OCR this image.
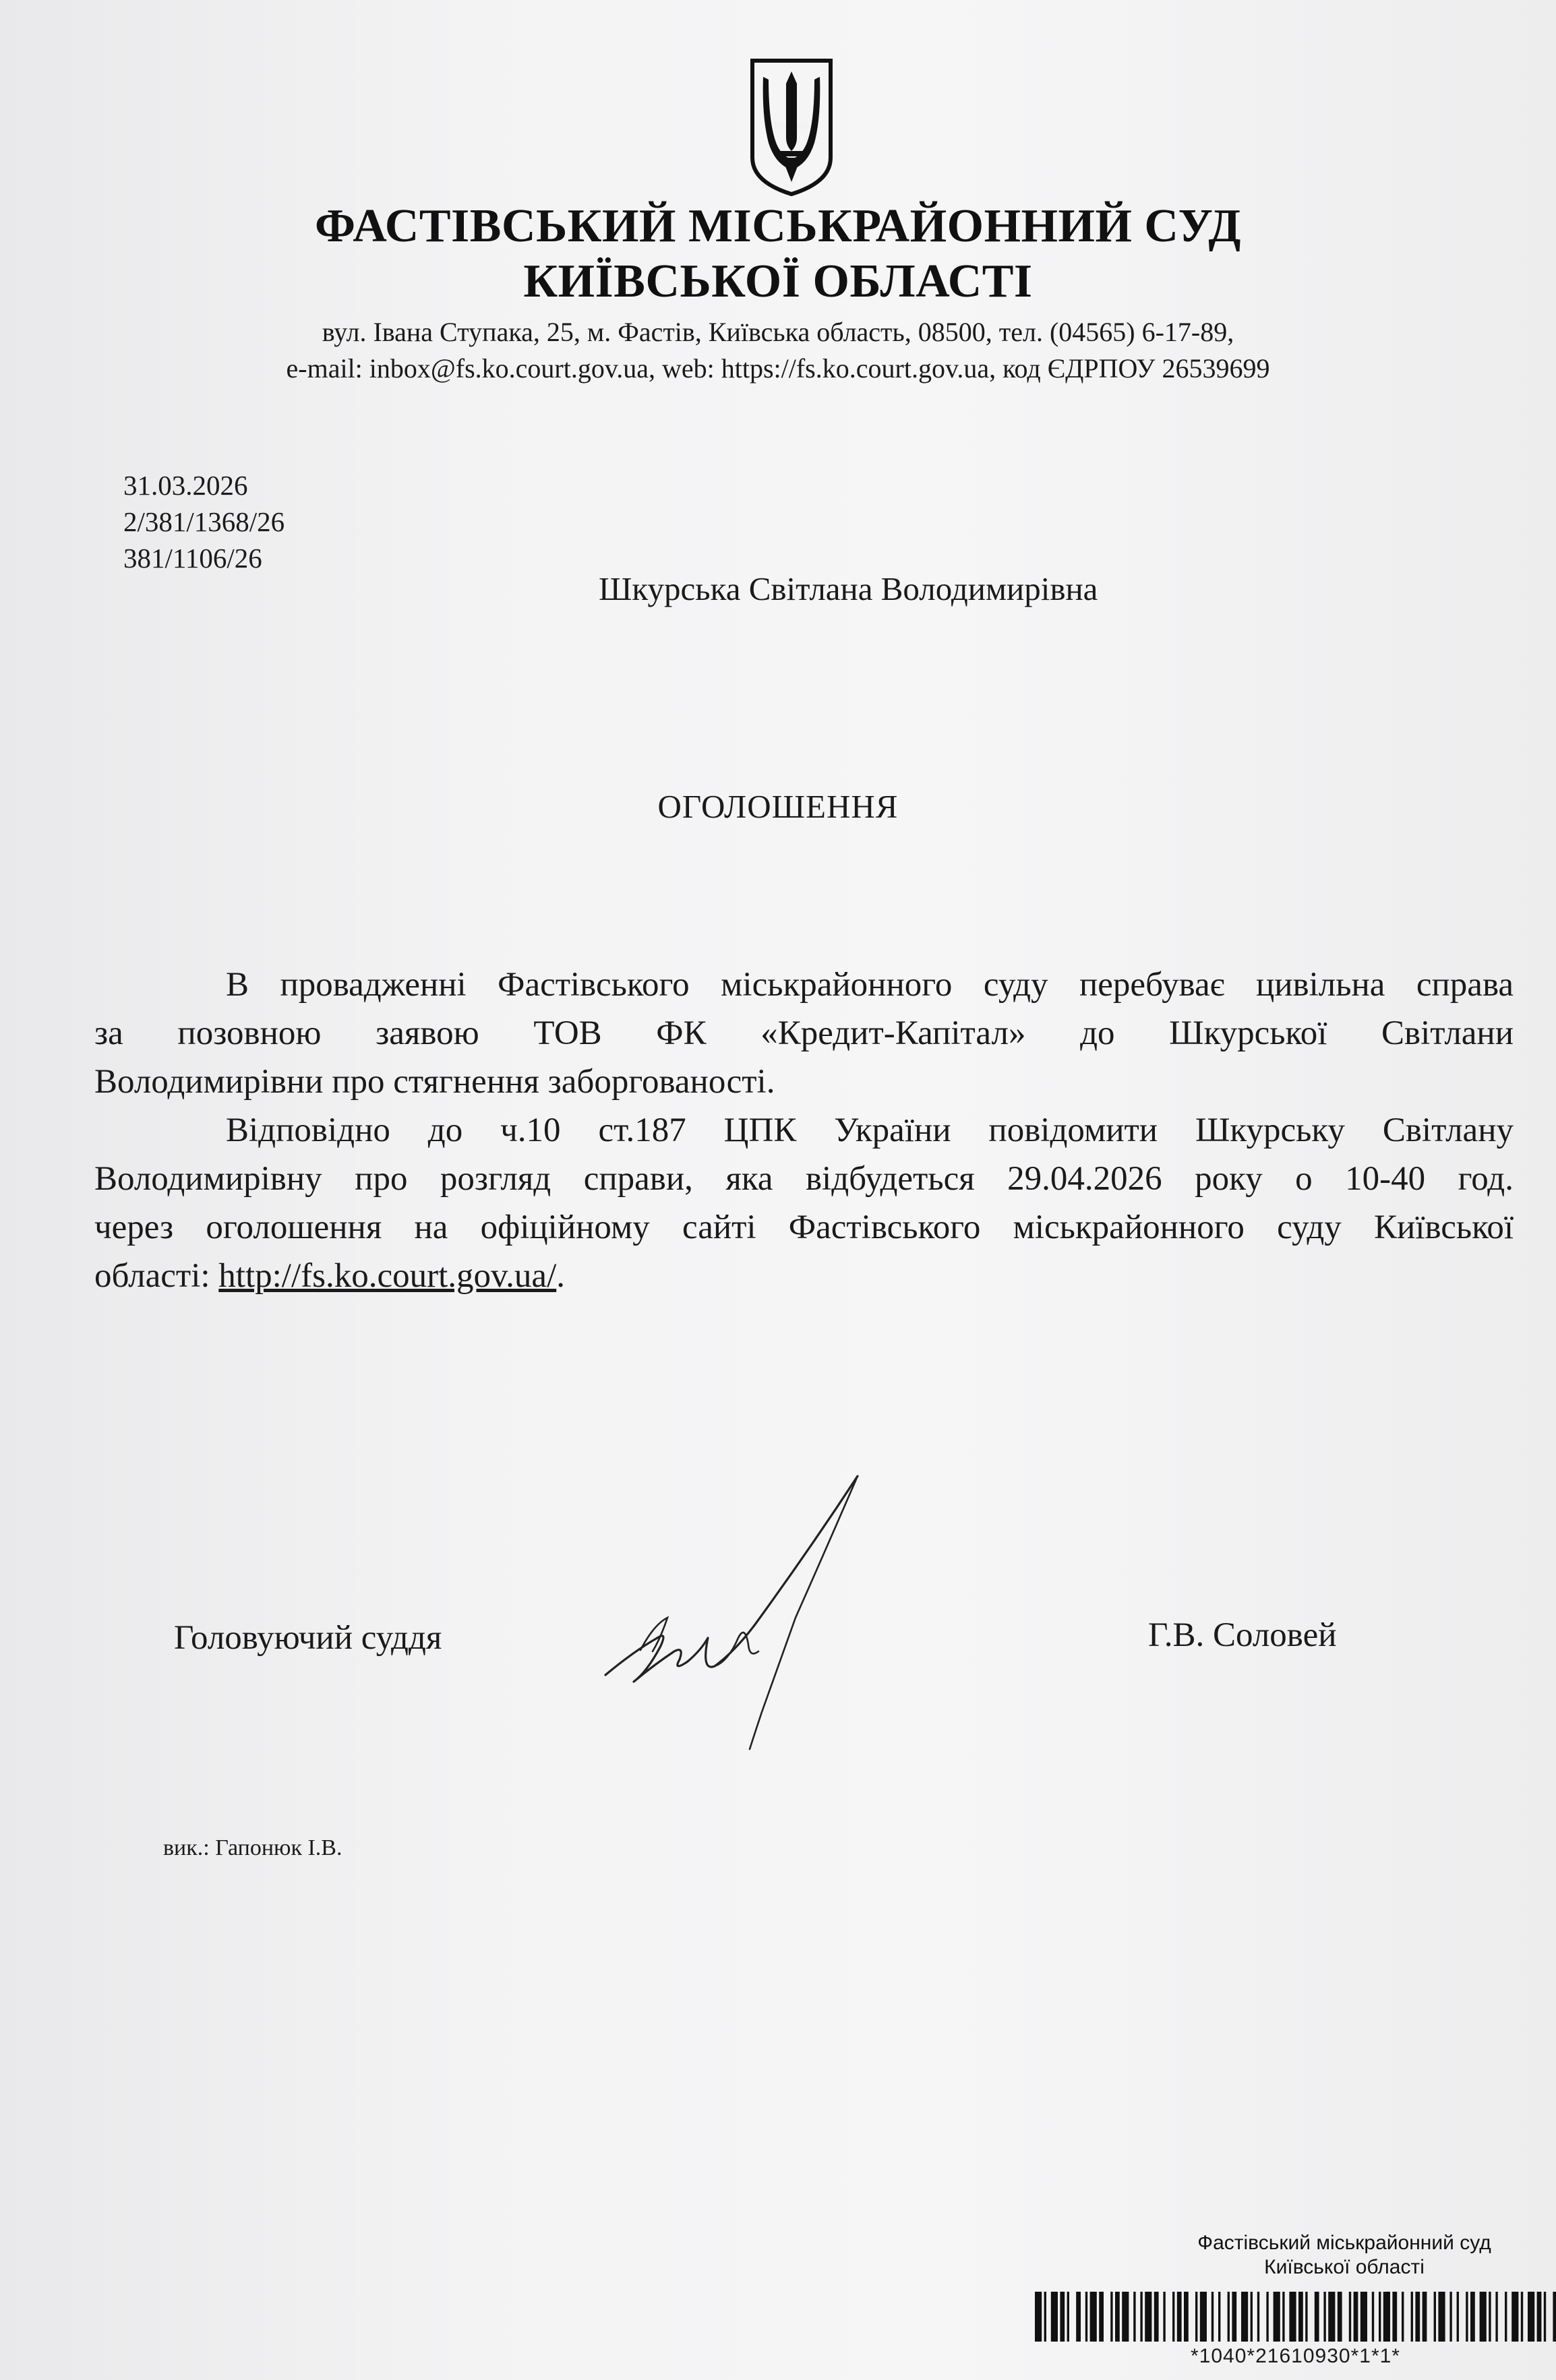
ФАСТІВСЬКИЙ МІСЬКРАЙОННИЙ СУД
КИЇВСЬКОЇ ОБЛАСТІ
вул. Івана Ступака, 25, м. Фастів, Київська область, 08500, тел. (04565) 6-17-89,
e-mail: inbox@fs.ko.court.gov.ua, web: https://fs.ko.court.gov.ua, код ЄДРПОУ 26539699
31.03.2026
2/381/1368/26
381/1106/26
Шкурська Світлана Володимирівна
ОГОЛОШЕННЯ
В провадженні Фастівського міськрайонного суду перебуває цивільна справа
за позовною заявою ТОВ ФК «Кредит-Капітал» до Шкурської Світлани
Володимирівни про стягнення заборгованості.
Відповідно до ч.10 ст.187 ЦПК України повідомити Шкурську Світлану
Володимирівну про розгляд справи, яка відбудеться 29.04.2026 року о 10-40 год.
через оголошення на офіційному сайті Фастівського міськрайонного суду Київської
області: http://fs.ko.court.gov.ua/.
Головуючий суддя	Г.В. Соловей
вик.: Гапонюк І.В.
Фастівський міськрайонний суд
Київської області
*1040*21610930*1*1*
